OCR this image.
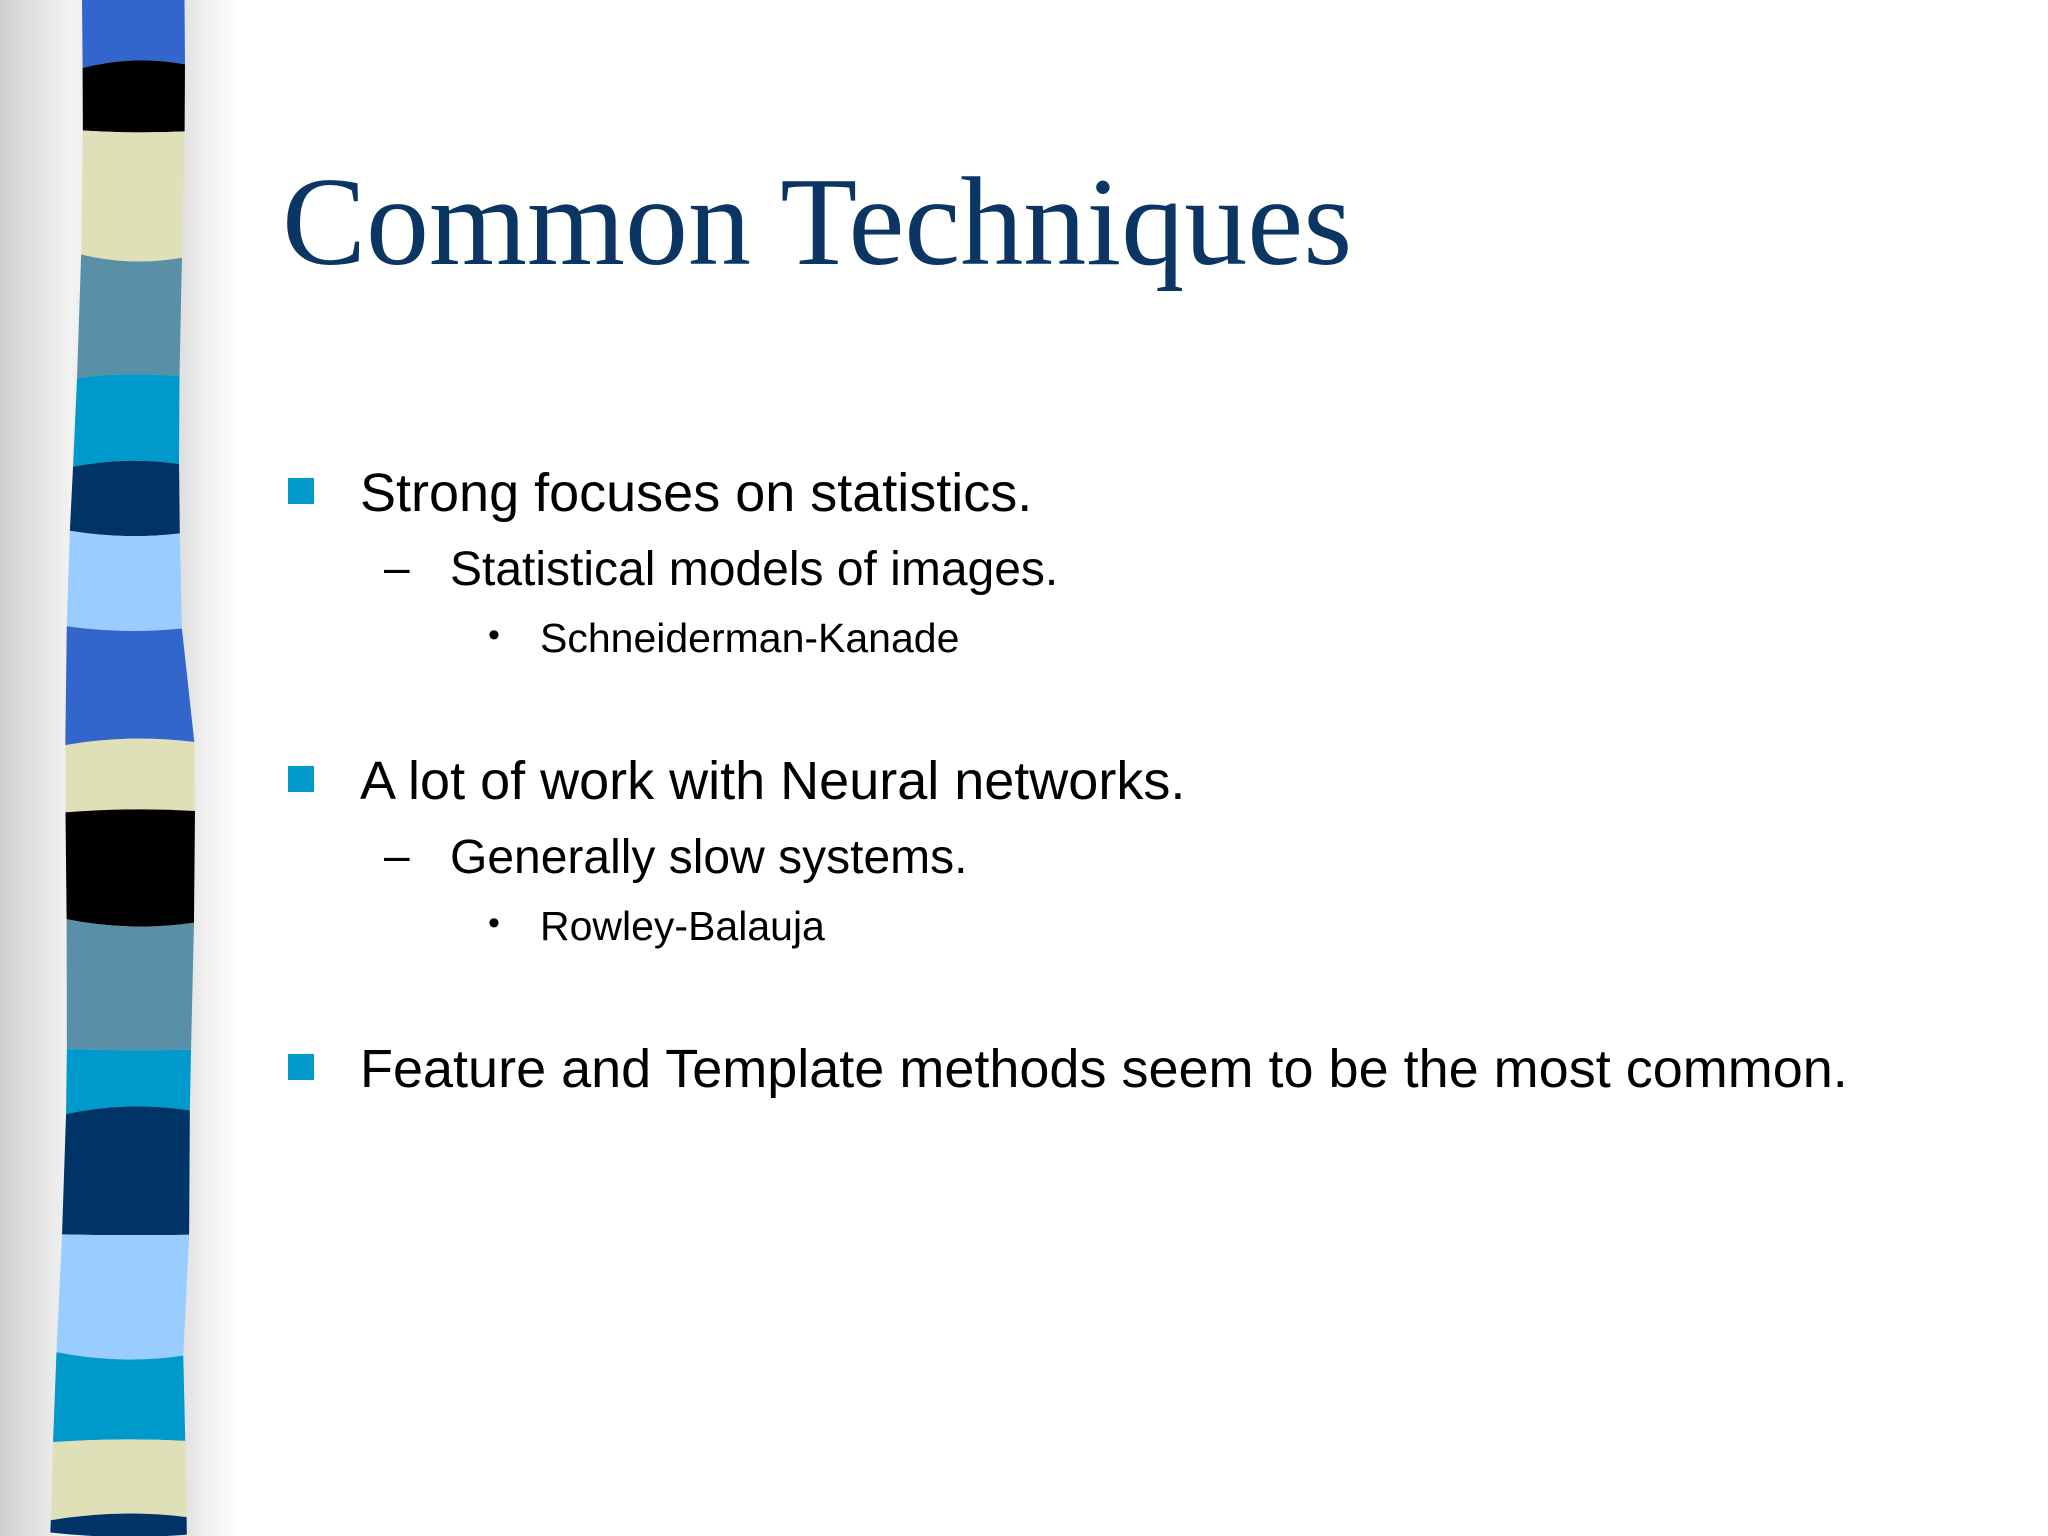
Common Techniques
Strong focuses on statistics.
– Statistical models of images.
• Schneiderman-Kanade
A lot of work with Neural networks.
– Generally slow systems.
• Rowley-Balauja
Feature and Template methods seem to be the most common.
